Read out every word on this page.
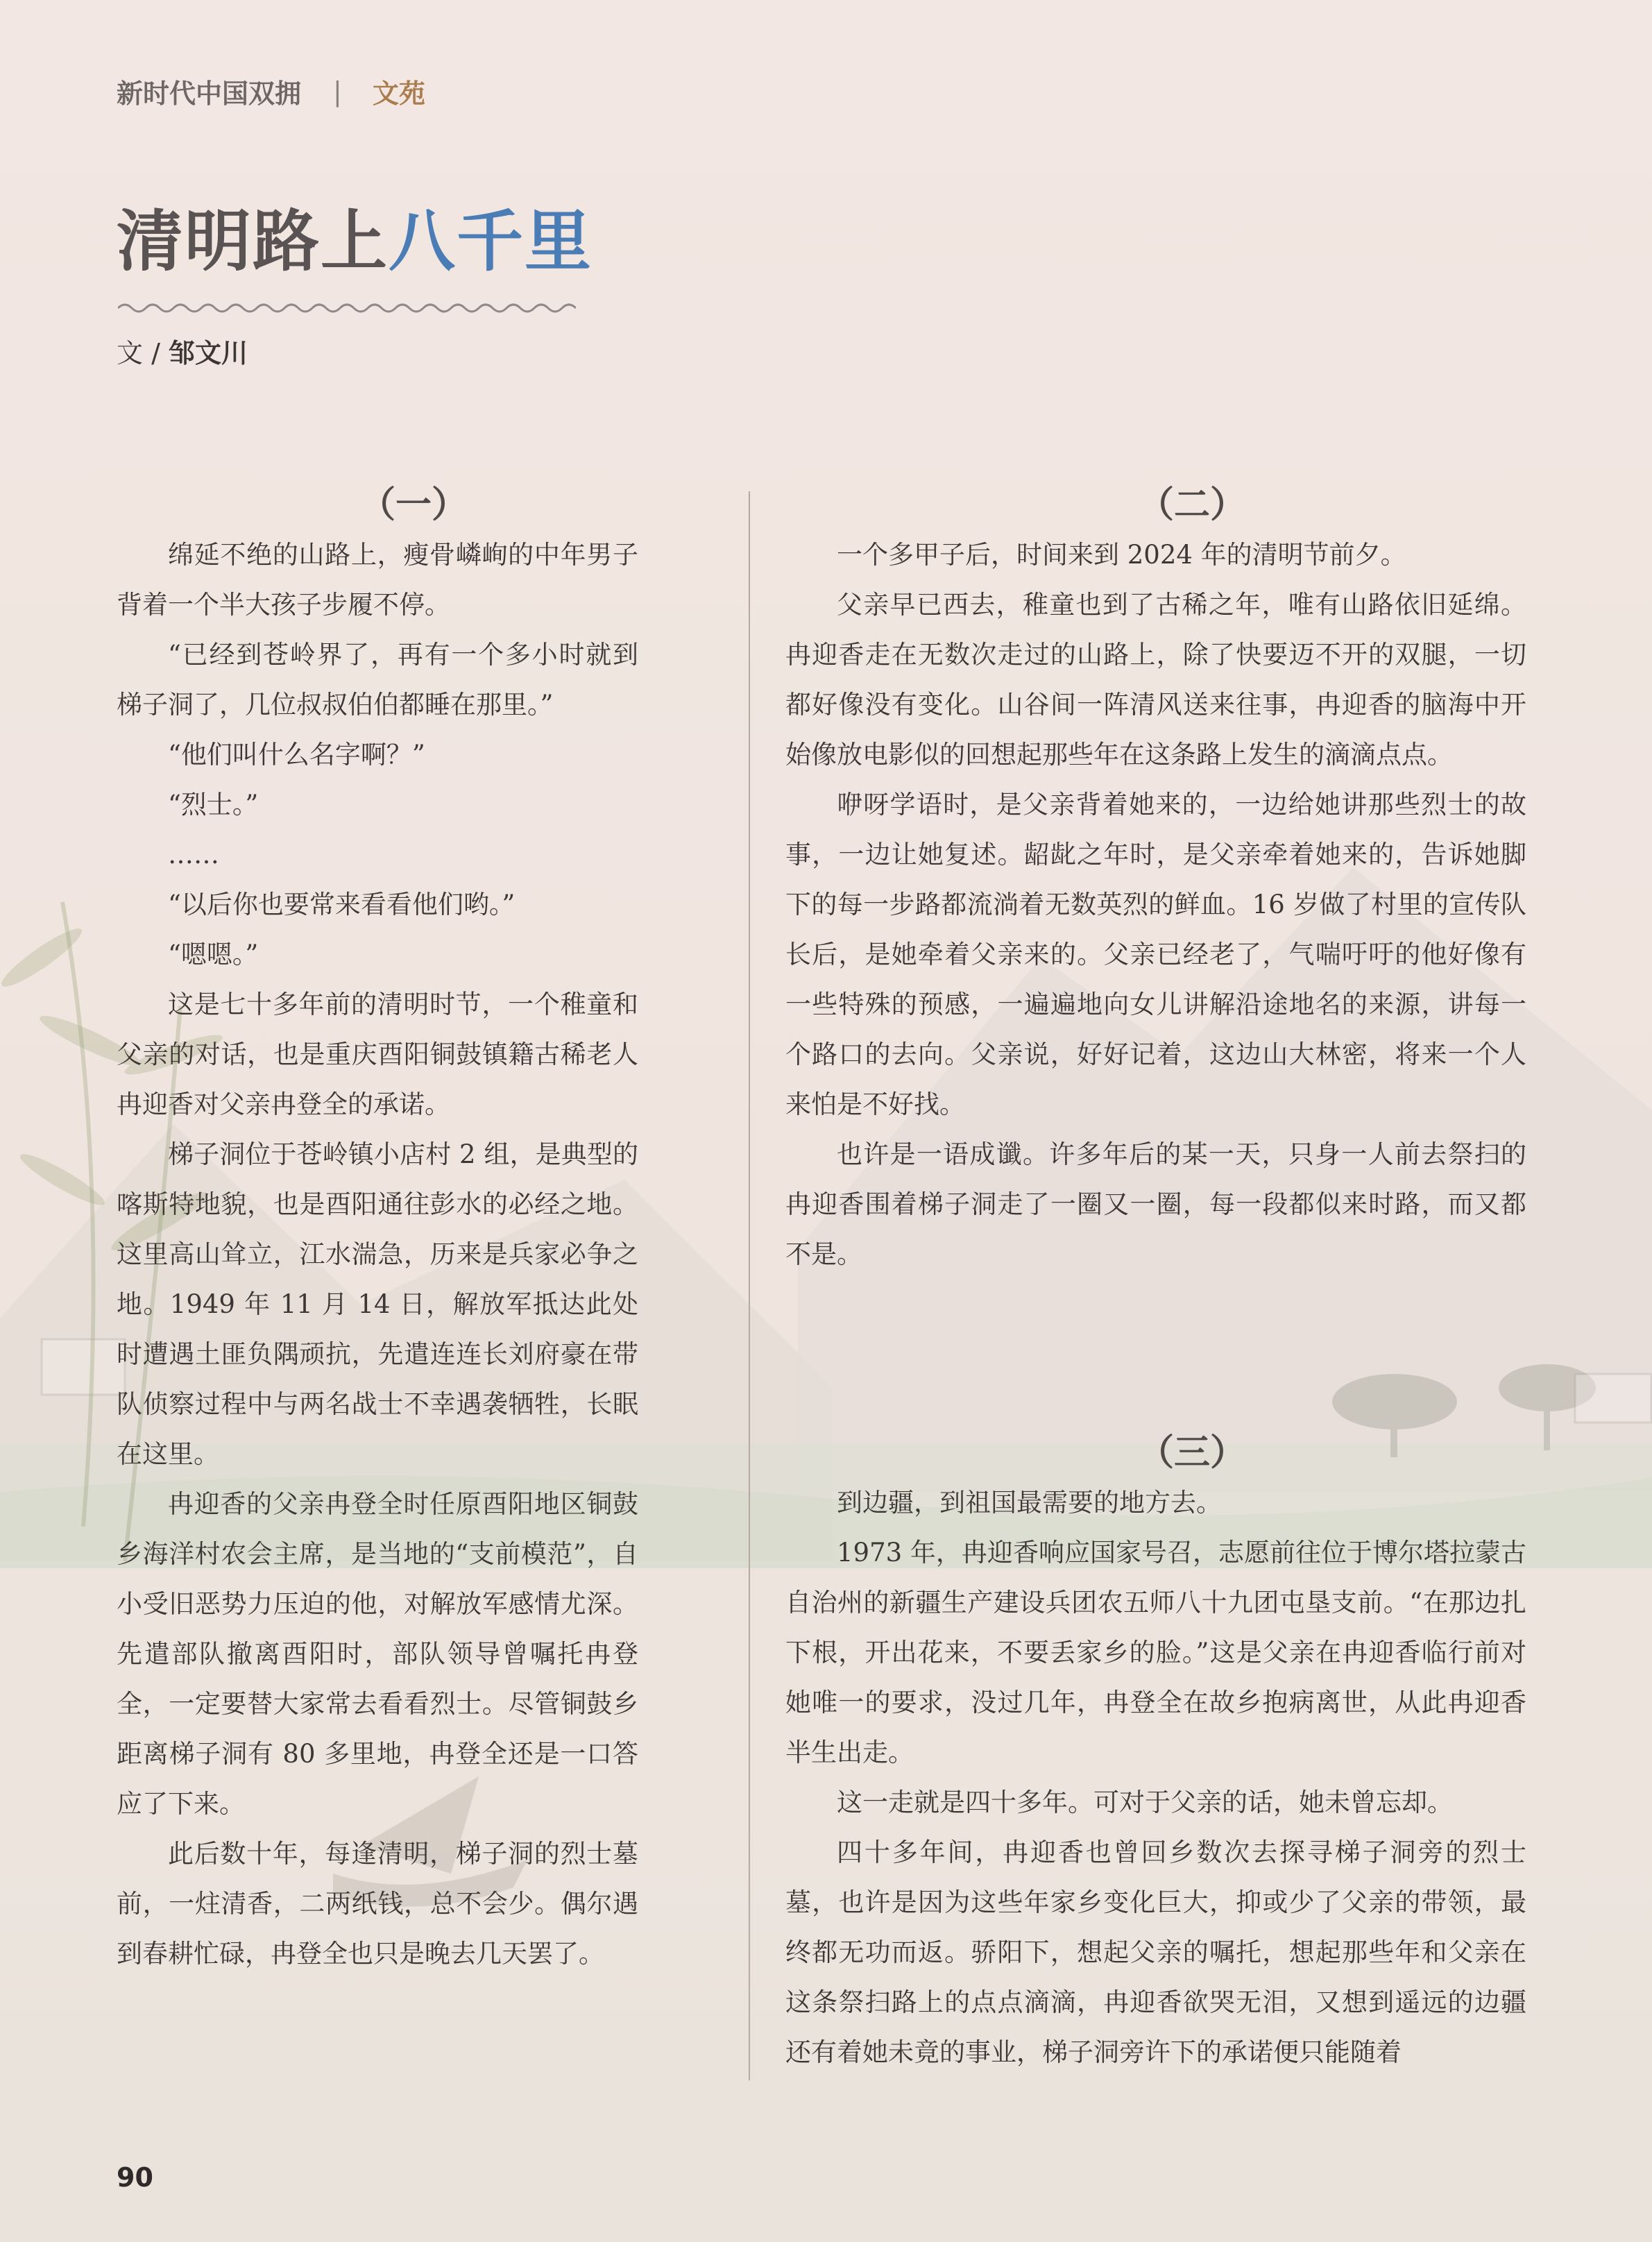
新时代中国双拥 | 文苑
清明路上八千里
文 / 邹文川

（一）

绵延不绝的山路上，瘦骨嶙峋的中年男子背着一个半大孩子步履不停。

“已经到苍岭界了，再有一个多小时就到梯子洞了，几位叔叔伯伯都睡在那里。”

“他们叫什么名字啊？”

“烈士。”

……

“以后你也要常来看看他们哟。”

“嗯嗯。”

这是七十多年前的清明时节，一个稚童和父亲的对话，也是重庆酉阳铜鼓镇籍古稀老人冉迎香对父亲冉登全的承诺。

梯子洞位于苍岭镇小店村 2 组，是典型的喀斯特地貌，也是酉阳通往彭水的必经之地。这里高山耸立，江水湍急，历来是兵家必争之地。1949 年 11 月 14 日，解放军抵达此处时遭遇土匪负隅顽抗，先遣连连长刘府豪在带队侦察过程中与两名战士不幸遇袭牺牲，长眠在这里。

冉迎香的父亲冉登全时任原酉阳地区铜鼓乡海洋村农会主席，是当地的“支前模范”，自小受旧恶势力压迫的他，对解放军感情尤深。先遣部队撤离酉阳时，部队领导曾嘱托冉登全，一定要替大家常去看看烈士。尽管铜鼓乡距离梯子洞有 80 多里地，冉登全还是一口答应了下来。

此后数十年，每逢清明，梯子洞的烈士墓前，一炷清香，二两纸钱，总不会少。偶尔遇到春耕忙碌，冉登全也只是晚去几天罢了。

（二）

一个多甲子后，时间来到 2024 年的清明节前夕。

父亲早已西去，稚童也到了古稀之年，唯有山路依旧延绵。冉迎香走在无数次走过的山路上，除了快要迈不开的双腿，一切都好像没有变化。山谷间一阵清风送来往事，冉迎香的脑海中开始像放电影似的回想起那些年在这条路上发生的滴滴点点。

咿呀学语时，是父亲背着她来的，一边给她讲那些烈士的故事，一边让她复述。龆龀之年时，是父亲牵着她来的，告诉她脚下的每一步路都流淌着无数英烈的鲜血。16 岁做了村里的宣传队长后，是她牵着父亲来的。父亲已经老了，气喘吁吁的他好像有一些特殊的预感，一遍遍地向女儿讲解沿途地名的来源，讲每一个路口的去向。父亲说，好好记着，这边山大林密，将来一个人来怕是不好找。

也许是一语成谶。许多年后的某一天，只身一人前去祭扫的冉迎香围着梯子洞走了一圈又一圈，每一段都似来时路，而又都不是。

（三）

到边疆，到祖国最需要的地方去。

1973 年，冉迎香响应国家号召，志愿前往位于博尔塔拉蒙古自治州的新疆生产建设兵团农五师八十九团屯垦支前。“在那边扎下根，开出花来，不要丢家乡的脸。”这是父亲在冉迎香临行前对她唯一的要求，没过几年，冉登全在故乡抱病离世，从此冉迎香半生出走。

这一走就是四十多年。可对于父亲的话，她未曾忘却。

四十多年间，冉迎香也曾回乡数次去探寻梯子洞旁的烈士墓，也许是因为这些年家乡变化巨大，抑或少了父亲的带领，最终都无功而返。骄阳下，想起父亲的嘱托，想起那些年和父亲在这条祭扫路上的点点滴滴，冉迎香欲哭无泪，又想到遥远的边疆还有着她未竟的事业，梯子洞旁许下的承诺便只能随着

90
